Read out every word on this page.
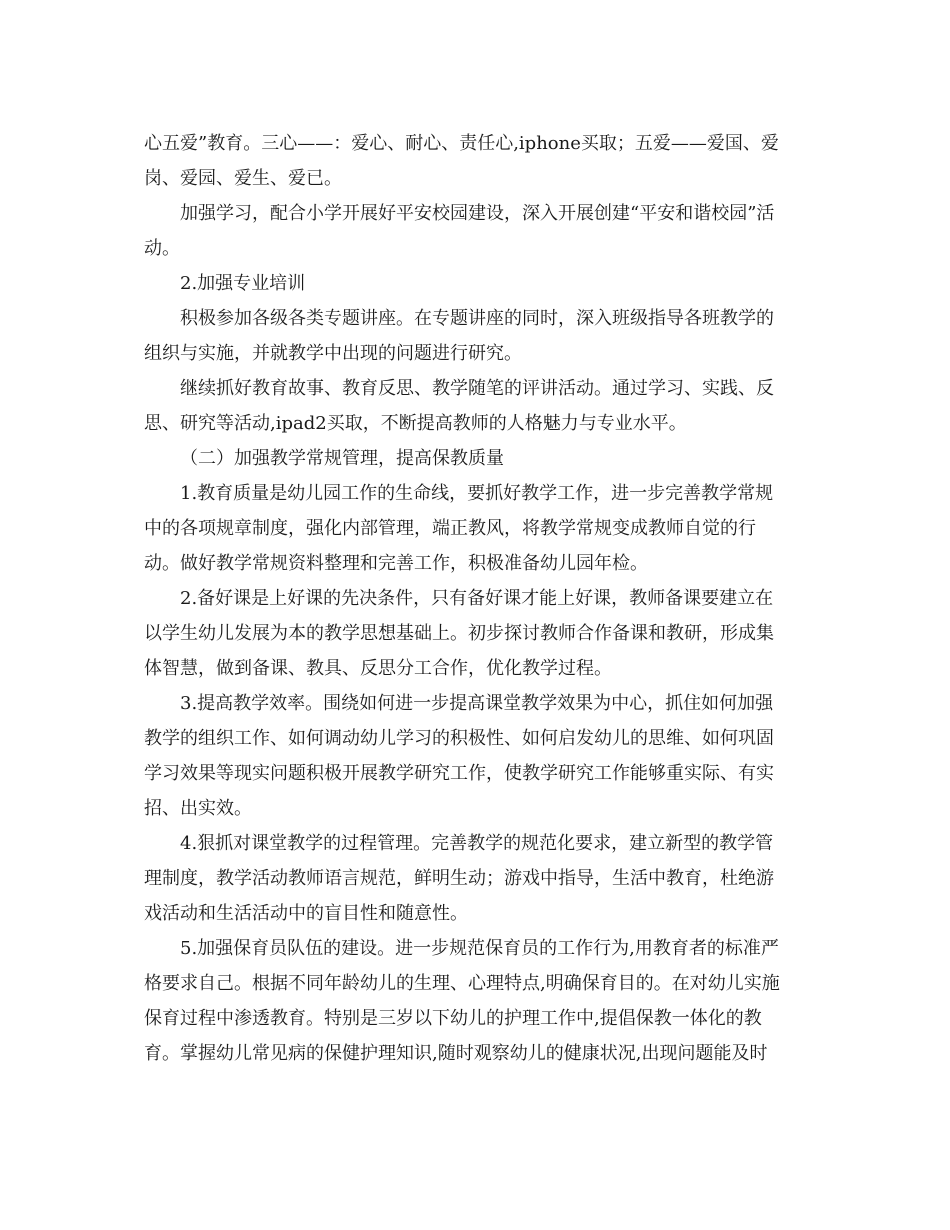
心五爱”教育。三心——：爱心、耐心、责任心,iphone买取；五爱——爱国、爱
岗、爱园、爱生、爱已。

加强学习，配合小学开展好平安校园建设，深入开展创建“平安和谐校园”活
动。

2.加强专业培训

积极参加各级各类专题讲座。在专题讲座的同时，深入班级指导各班教学的
组织与实施，并就教学中出现的问题进行研究。

继续抓好教育故事、教育反思、教学随笔的评讲活动。通过学习、实践、反
思、研究等活动,ipad2买取，不断提高教师的人格魅力与专业水平。

（二）加强教学常规管理，提高保教质量

1.教育质量是幼儿园工作的生命线，要抓好教学工作，进一步完善教学常规
中的各项规章制度，强化内部管理，端正教风，将教学常规变成教师自觉的行
动。做好教学常规资料整理和完善工作，积极准备幼儿园年检。

2.备好课是上好课的先决条件，只有备好课才能上好课，教师备课要建立在
以学生幼儿发展为本的教学思想基础上。初步探讨教师合作备课和教研，形成集
体智慧，做到备课、教具、反思分工合作，优化教学过程。

3.提高教学效率。围绕如何进一步提高课堂教学效果为中心，抓住如何加强
教学的组织工作、如何调动幼儿学习的积极性、如何启发幼儿的思维、如何巩固
学习效果等现实问题积极开展教学研究工作，使教学研究工作能够重实际、有实
招、出实效。

4.狠抓对课堂教学的过程管理。完善教学的规范化要求，建立新型的教学管
理制度，教学活动教师语言规范，鲜明生动；游戏中指导，生活中教育，杜绝游
戏活动和生活活动中的盲目性和随意性。

5.加强保育员队伍的建设。进一步规范保育员的工作行为,用教育者的标准严
格要求自己。根据不同年龄幼儿的生理、心理特点,明确保育目的。在对幼儿实施
保育过程中渗透教育。特别是三岁以下幼儿的护理工作中,提倡保教一体化的教
育。掌握幼儿常见病的保健护理知识,随时观察幼儿的健康状况,出现问题能及时
